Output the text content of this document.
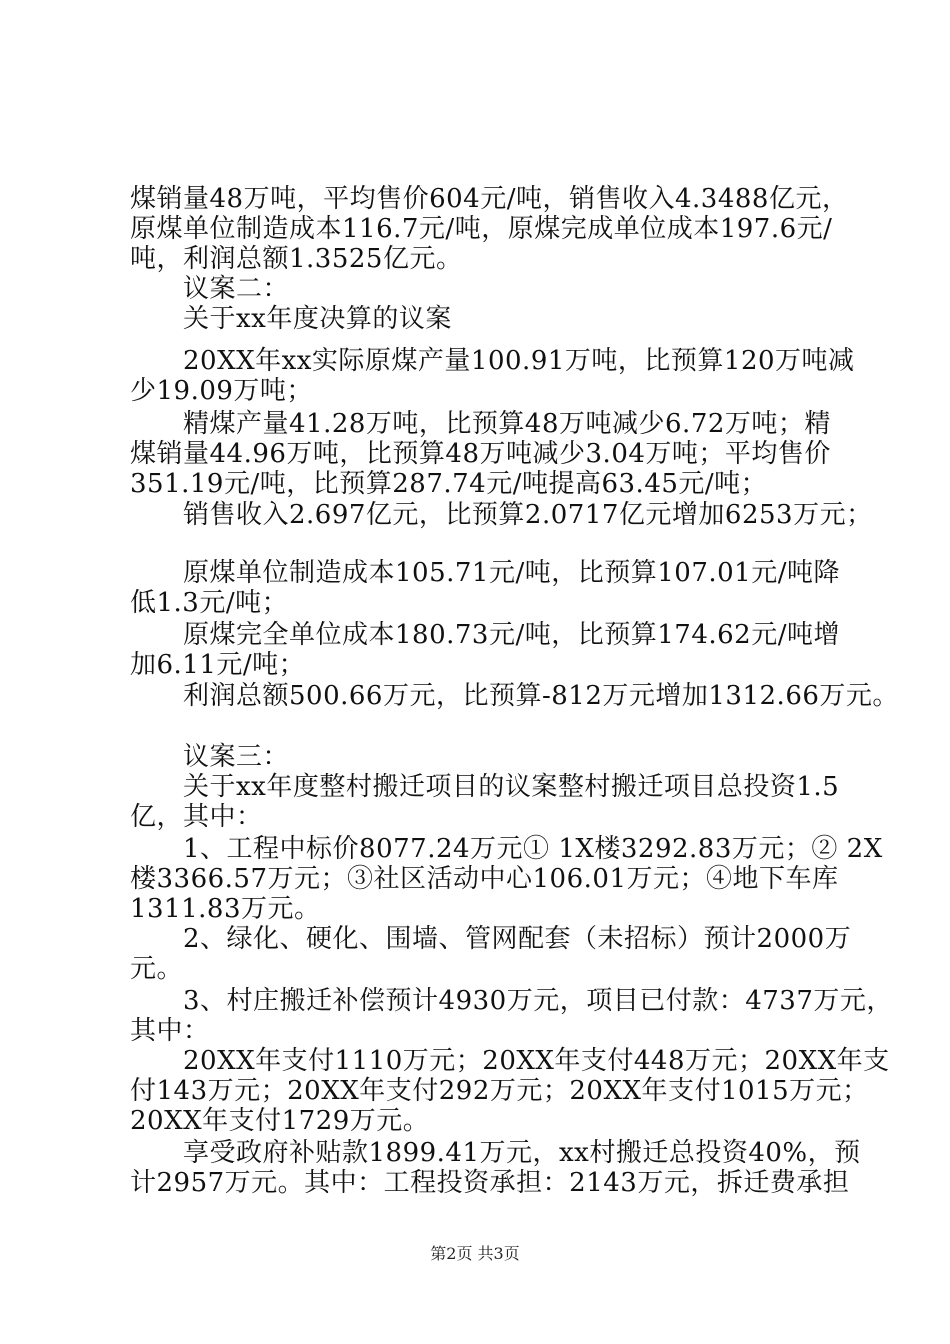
煤销量48万吨，平均售价604元/吨，销售收入4.3488亿元，
原煤单位制造成本116.7元/吨，原煤完成单位成本197.6元/
吨，利润总额1.3525亿元。
　　议案二：
　　关于xx年度决算的议案
　　20XX年xx实际原煤产量100.91万吨，比预算120万吨减
少19.09万吨；
　　精煤产量41.28万吨，比预算48万吨减少6.72万吨；精
煤销量44.96万吨，比预算48万吨减少3.04万吨；平均售价
351.19元/吨，比预算287.74元/吨提高63.45元/吨；
　　销售收入2.697亿元，比预算2.0717亿元增加6253万元；
　　原煤单位制造成本105.71元/吨，比预算107.01元/吨降
低1.3元/吨；
　　原煤完全单位成本180.73元/吨，比预算174.62元/吨增
加6.11元/吨；
　　利润总额500.66万元，比预算-812万元增加1312.66万元。
　　议案三：
　　关于xx年度整村搬迁项目的议案整村搬迁项目总投资1.5
亿，其中：
　　1、工程中标价8077.24万元① 1X楼3292.83万元；② 2X
楼3366.57万元；③社区活动中心106.01万元；④地下车库
1311.83万元。
　　2、绿化、硬化、围墙、管网配套（未招标）预计2000万
元。
　　3、村庄搬迁补偿预计4930万元，项目已付款：4737万元，
其中：
　　20XX年支付1110万元；20XX年支付448万元；20XX年支
付143万元；20XX年支付292万元；20XX年支付1015万元；
20XX年支付1729万元。
　　享受政府补贴款1899.41万元，xx村搬迁总投资40%，预
计2957万元。其中：工程投资承担：2143万元，拆迁费承担
第2页 共3页
